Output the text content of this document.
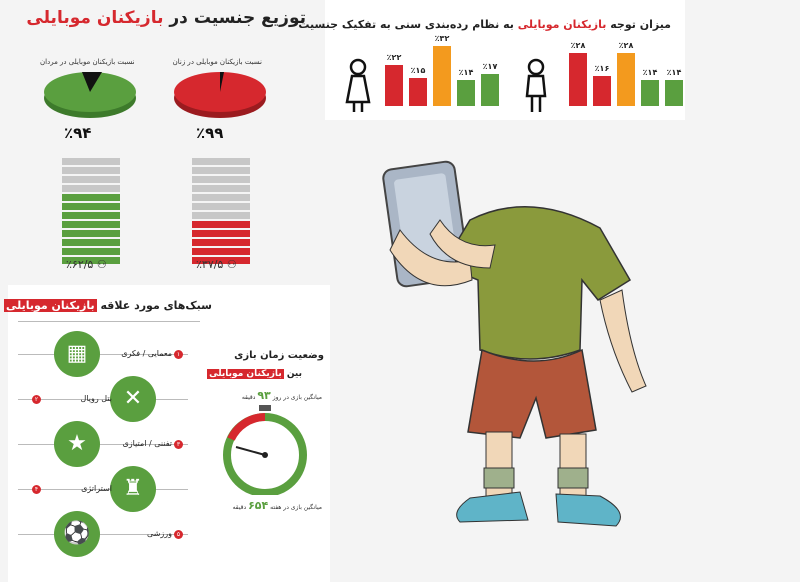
توزیع جنسیت در بازیکنان موبایلی
نسبت بازیکنان موبایلی در زنان
٪۹۹
⚇ ٪۳۷/۵
نسبت بازیکنان موبایلی در مردان
٪۹۴
⚇ ٪۶۲/۵
میزان توجه بازیکنان موبایلی به نظام رده‌بندی سنی به تفکیک جنسیت
٪۲۲
٪۱۵
٪۳۲
٪۱۴
٪۱۷
٪۲۸
٪۱۶
٪۲۸
٪۱۴	٪۱۴
سبک‌های مورد علاقه بازیکنان موبایلی
▦	معمایی / فکری ۱
✕
بتل رویال
۲
★	تفننی / امتیازی ۳
♜
استراتژی
۴
⚽	ورزشی ۵
وضعیت زمان بازی
بین بازیکنان موبایلی
میانگین بازی در روز ۹۳ دقیقه
میانگین بازی در هفته ۶۵۴ دقیقه
